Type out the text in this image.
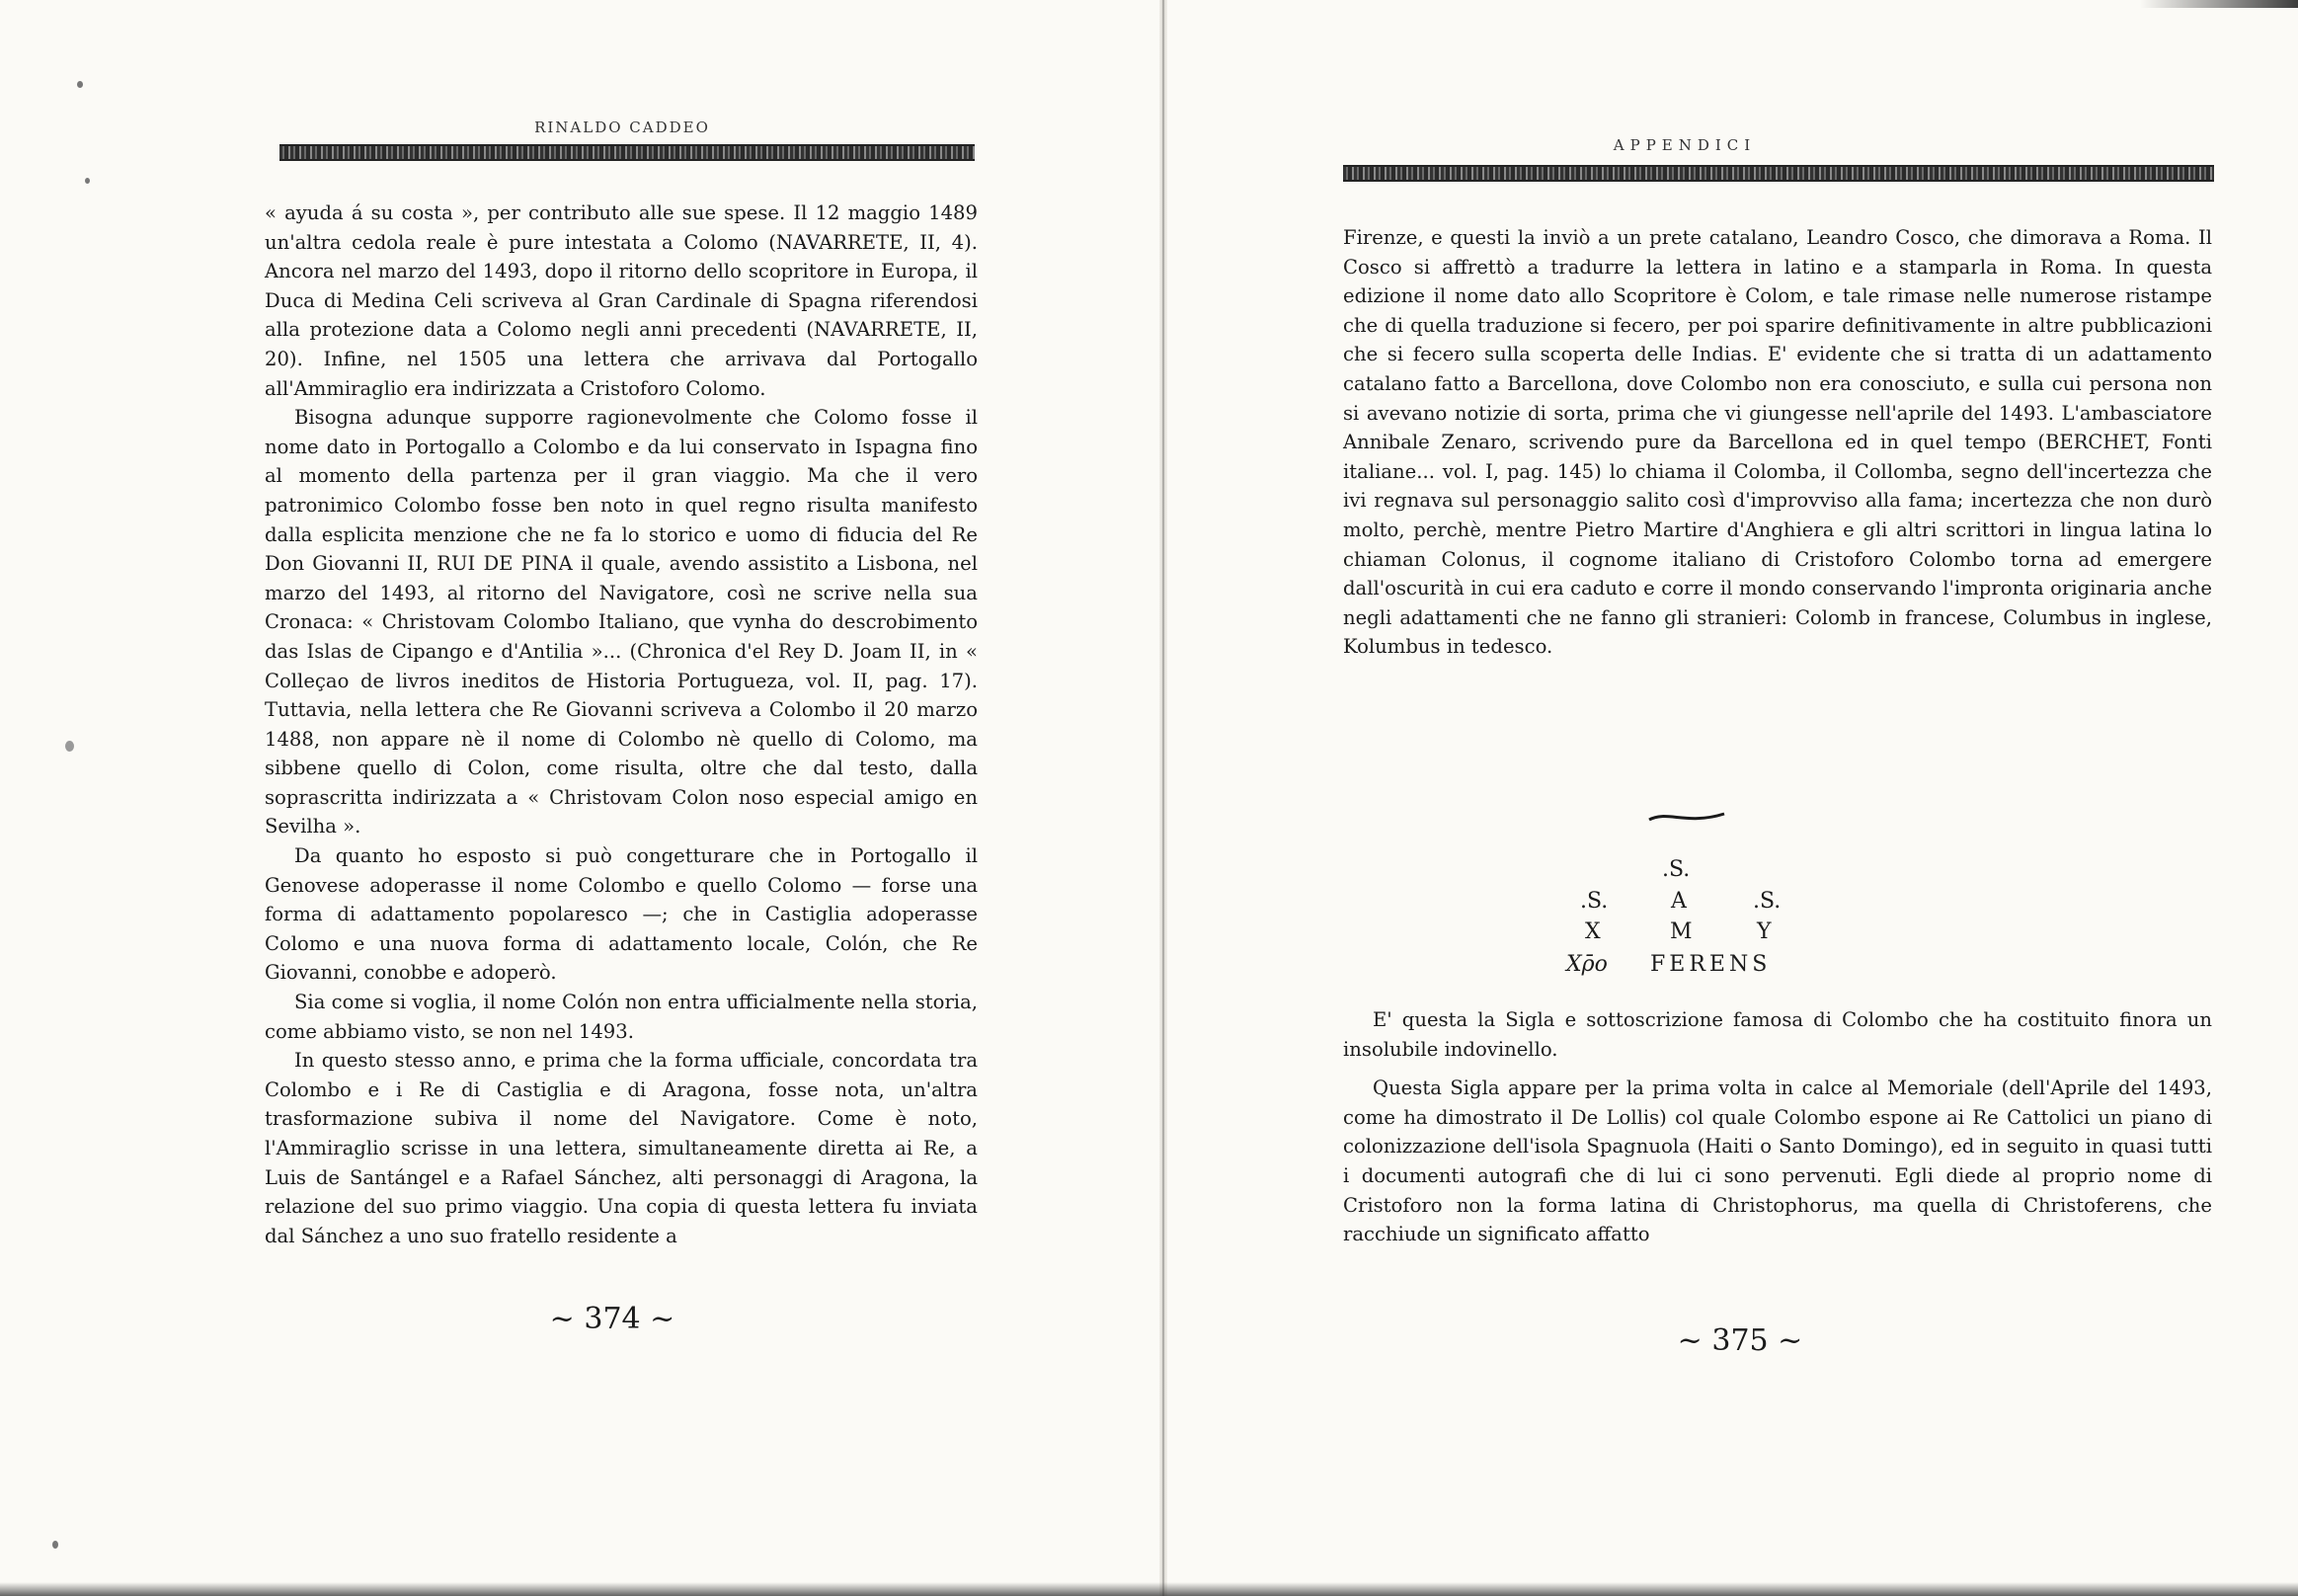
RINALDO CADDEO

« ayuda á su costa », per contributo alle sue spese. Il 12 maggio 1489 un'altra cedola reale è pure intestata a Colomo (NAVARRETE, II, 4). Ancora nel marzo del 1493, dopo il ritorno dello scopritore in Europa, il Duca di Medina Celi scriveva al Gran Cardinale di Spagna riferendosi alla protezione data a Colomo negli anni precedenti (NAVARRETE, II, 20). Infine, nel 1505 una lettera che arrivava dal Portogallo all'Ammiraglio era indirizzata a Cristoforo Colomo.

Bisogna adunque supporre ragionevolmente che Colomo fosse il nome dato in Portogallo a Colombo e da lui conservato in Ispagna fino al momento della partenza per il gran viaggio. Ma che il vero patronimico Colombo fosse ben noto in quel regno risulta manifesto dalla esplicita menzione che ne fa lo storico e uomo di fiducia del Re Don Giovanni II, RUI DE PINA il quale, avendo assistito a Lisbona, nel marzo del 1493, al ritorno del Navigatore, così ne scrive nella sua Cronaca: « Christovam Colombo Italiano, que vynha do descrobimento das Islas de Cipango e d'Antilia »... (Chronica d'el Rey D. Joam II, in « Colleçao de livros ineditos de Historia Portugueza, vol. II, pag. 17). Tuttavia, nella lettera che Re Giovanni scriveva a Colombo il 20 marzo 1488, non appare nè il nome di Colombo nè quello di Colomo, ma sibbene quello di Colon, come risulta, oltre che dal testo, dalla soprascritta indirizzata a « Christovam Colon noso especial amigo en Sevilha ».

Da quanto ho esposto si può congetturare che in Portogallo il Genovese adoperasse il nome Colombo e quello Colomo — forse una forma di adattamento popolaresco —; che in Castiglia adoperasse Colomo e una nuova forma di adattamento locale, Colón, che Re Giovanni, conobbe e adoperò.

Sia come si voglia, il nome Colón non entra ufficialmente nella storia, come abbiamo visto, se non nel 1493.

In questo stesso anno, e prima che la forma ufficiale, concordata tra Colombo e i Re di Castiglia e di Aragona, fosse nota, un'altra trasformazione subiva il nome del Navigatore. Come è noto, l'Ammiraglio scrisse in una lettera, simultaneamente diretta ai Re, a Luis de Santángel e a Rafael Sánchez, alti personaggi di Aragona, la relazione del suo primo viaggio. Una copia di questa lettera fu inviata dal Sánchez a uno suo fratello residente a

~ 374 ~
APPENDICI

Firenze, e questi la inviò a un prete catalano, Leandro Cosco, che dimorava a Roma. Il Cosco si affrettò a tradurre la lettera in latino e a stamparla in Roma. In questa edizione il nome dato allo Scopritore è Colom, e tale rimase nelle numerose ristampe che di quella traduzione si fecero, per poi sparire definitivamente in altre pubblicazioni che si fecero sulla scoperta delle Indias. E' evidente che si tratta di un adattamento catalano fatto a Barcellona, dove Colombo non era conosciuto, e sulla cui persona non si avevano notizie di sorta, prima che vi giungesse nell'aprile del 1493. L'ambasciatore Annibale Zenaro, scrivendo pure da Barcellona ed in quel tempo (BERCHET, Fonti italiane... vol. I, pag. 145) lo chiama il Colomba, il Collomba, segno dell'incertezza che ivi regnava sul personaggio salito così d'improvviso alla fama; incertezza che non durò molto, perchè, mentre Pietro Martire d'Anghiera e gli altri scrittori in lingua latina lo chiaman Colonus, il cognome italiano di Cristoforo Colombo torna ad emergere dall'oscurità in cui era caduto e corre il mondo conservando l'impronta originaria anche negli adattamenti che ne fanno gli stranieri: Colomb in francese, Columbus in inglese, Kolumbus in tedesco.

E' questa la Sigla e sottoscrizione famosa di Colombo che ha costituito finora un insolubile indovinello.

Questa Sigla appare per la prima volta in calce al Memoriale (dell'Aprile del 1493, come ha dimostrato il De Lollis) col quale Colombo espone ai Re Cattolici un piano di colonizzazione dell'isola Spagnuola (Haiti o Santo Domingo), ed in seguito in quasi tutti i documenti autografi che di lui ci sono pervenuti. Egli diede al proprio nome di Cristoforo non la forma latina di Christophorus, ma quella di Christoferens, che racchiude un significato affatto

~ 375 ~
.S.
.S.	A	.S.
X	M	Y
Χρ̄ο FERENS
